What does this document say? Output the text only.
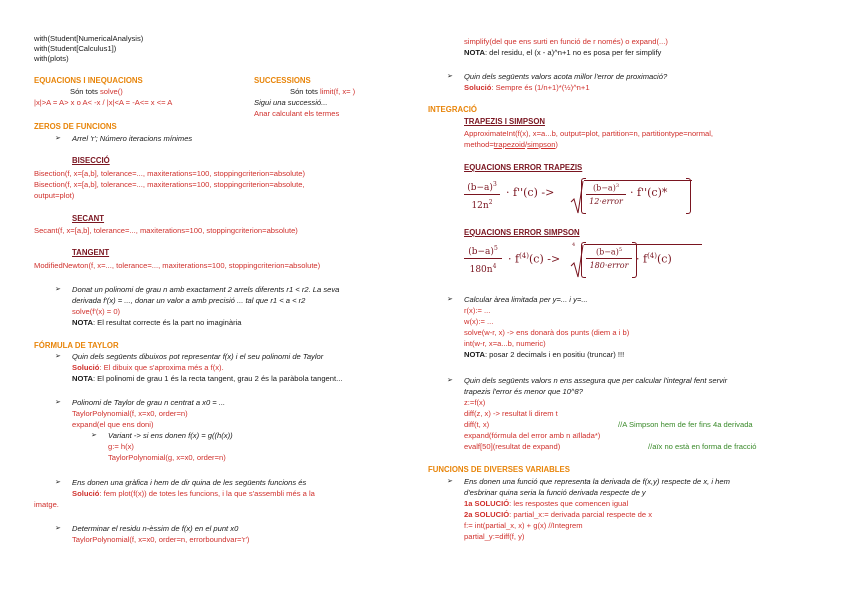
with(Student[NumericalAnalysis)
with(Student[Calculus1])
with(plots)
EQUACIONS I INEQUACIONS
Són tots solve()
|x|>A = A> x o A< -x / |x|<A = -A<= x <= A
SUCCESSIONS
Són tots limit(f, x= )
Sigui una successió...
Anar calculant els termes
ZEROS DE FUNCIONS
➢ Arrel 'r'; Número iteracions mínimes
BISECCIÓ
Bisection(f, x=[a,b], tolerance=..., maxiterations=100, stoppingcriterion=absolute)
Bisection(f, x=[a,b], tolerance=..., maxiterations=100, stoppingcriterion=absolute,
output=plot)
SECANT
Secant(f, x=[a,b], tolerance=..., maxiterations=100, stoppingcriterion=absolute)
TANGENT
ModifiedNewton(f, x=..., tolerance=..., maxiterations=100, stoppingcriterion=absolute)
➢ Donat un polinomi de grau n amb exactament 2 arrels diferents r1 < r2. La seva
derivada f'(x) = ..., donar un valor a amb precisió ... tal que r1 < a < r2
solve(f'(x) = 0)
NOTA: El resultat correcte és la part no imaginària
FÓRMULA DE TAYLOR
➢ Quin dels següents dibuixos pot representar f(x) i el seu polinomi de Taylor
Solució: El dibuix que s'aproxima més a f(x).
NOTA: El polinomi de grau 1 és la recta tangent, grau 2 és la paràbola tangent...
➢ Polinomi de Taylor de grau n centrat a x0 = ...
TaylorPolynomial(f, x=x0, order=n)
expand(el que ens doni)
➢ Variant -> si ens donen f(x) = g((h(x))
g:= h(x)
TaylorPolynomial(g, x=x0, order=n)
➢ Ens donen una gràfica i hem de dir quina de les següents funcions és
Solució: fem plot(f(x)) de totes les funcions, i la que s'assembli més a la
imatge.
➢ Determinar el residu n-èssim de f(x) en el punt x0
TaylorPolynomial(f, x=x0, order=n, errorboundvar='r')
simplify(del que ens surti en funció de r només) o expand(...)
NOTA: del residu, el (x - a)^n+1 no es posa per fer simplify
➢ Quin dels següents valors acota millor l'error de proximació?
Solució: Sempre és (1/n+1)*(½)^n+1
INTEGRACIÓ
TRAPEZIS I SIMPSON
ApproximateInt(f(x), x=a...b, output=plot, partition=n, partitiontype=normal,
method=trapezoid/simpson)
EQUACIONS ERROR TRAPEZIS
$(b-a)^3$
$12n^2$
· f''(c) ->	$(b-a)^3$
12·error
· f''(c)*
EQUACIONS ERROR SIMPSON
$(b-a)^5$
$180n^4$
· $f^{(4)}(c)$ ->
4
$(b-a)^5$
180·error · $f^{(4)}(c)$
➢ Calcular àrea limitada per y=... i y=...
r(x):= ...
w(x):= ...
solve(w-r, x) -> ens donarà dos punts (diem a i b)
int(w-r, x=a...b, numeric)
NOTA: posar 2 decimals i en positiu (truncar) !!!
➢ Quin dels següents valors n ens assegura que per calcular l'integral fent servir
trapezis l'error és menor que 10^8?
z:=f(x)
diff(z, x) -> resultat li direm t
diff(t, x)	//A Simpson hem de fer fins 4a derivada
expand(fórmula del error amb n aïllada*)
evalf[50](resultat de expand)	//aïx no està en forma de fracció
FUNCIONS DE DIVERSES VARIABLES
➢ Ens donen una funció que representa la derivada de f(x,y) respecte de x, i hem
d'esbrinar quina seria la funció derivada respecte de y
1a SOLUCIÓ: les respostes que comencen igual
2a SOLUCIÓ: partial_x:= derivada parcial respecte de x
f:= int(partial_x, x) + g(x) //Integrem
partial_y:=diff(f, y)
